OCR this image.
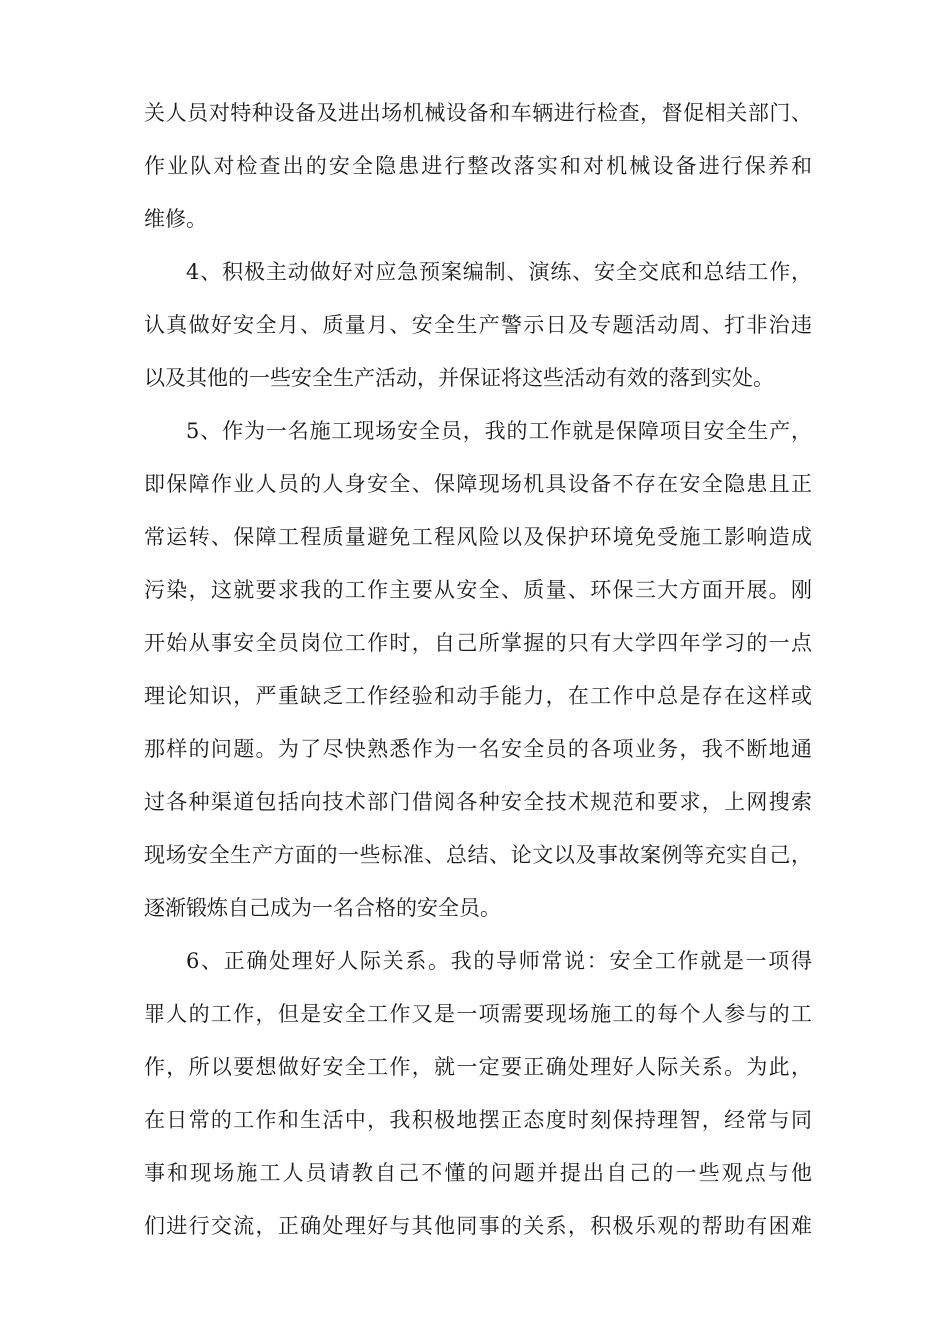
关人员对特种设备及进出场机械设备和车辆进行检查，督促相关部门、
作业队对检查出的安全隐患进行整改落实和对机械设备进行保养和
维修。
4、积极主动做好对应急预案编制、演练、安全交底和总结工作，
认真做好安全月、质量月、安全生产警示日及专题活动周、打非治违
以及其他的一些安全生产活动，并保证将这些活动有效的落到实处。
5、作为一名施工现场安全员，我的工作就是保障项目安全生产，
即保障作业人员的人身安全、保障现场机具设备不存在安全隐患且正
常运转、保障工程质量避免工程风险以及保护环境免受施工影响造成
污染，这就要求我的工作主要从安全、质量、环保三大方面开展。刚
开始从事安全员岗位工作时，自己所掌握的只有大学四年学习的一点
理论知识，严重缺乏工作经验和动手能力，在工作中总是存在这样或
那样的问题。为了尽快熟悉作为一名安全员的各项业务，我不断地通
过各种渠道包括向技术部门借阅各种安全技术规范和要求，上网搜索
现场安全生产方面的一些标准、总结、论文以及事故案例等充实自己，
逐渐锻炼自己成为一名合格的安全员。
6、正确处理好人际关系。我的导师常说：安全工作就是一项得
罪人的工作，但是安全工作又是一项需要现场施工的每个人参与的工
作，所以要想做好安全工作，就一定要正确处理好人际关系。为此，
在日常的工作和生活中，我积极地摆正态度时刻保持理智，经常与同
事和现场施工人员请教自己不懂的问题并提出自己的一些观点与他
们进行交流，正确处理好与其他同事的关系，积极乐观的帮助有困难
